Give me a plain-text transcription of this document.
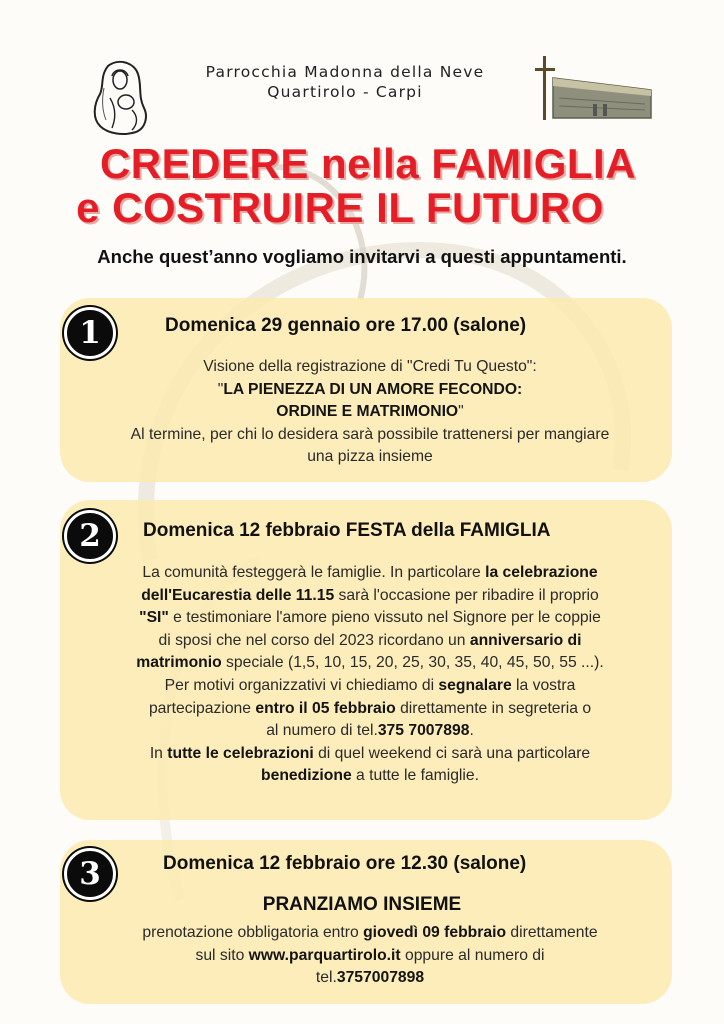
Parrocchia Madonna della Neve
Quartirolo - Carpi
CREDERE nella FAMIGLIA
e COSTRUIRE IL FUTURO
Anche quest’anno vogliamo invitarvi a questi appuntamenti.
1	Domenica 29 gennaio ore 17.00 (salone)
Visione della registrazione di "Credi Tu Questo":
"LA PIENEZZA DI UN AMORE FECONDO:
ORDINE E MATRIMONIO"
Al termine, per chi lo desidera sarà possibile trattenersi per mangiare
una pizza insieme
2	Domenica 12 febbraio FESTA della FAMIGLIA
La comunità festeggerà le famiglie. In particolare la celebrazione
dell'Eucarestia delle 11.15 sarà l'occasione per ribadire il proprio
"SI" e testimoniare l'amore pieno vissuto nel Signore per le coppie
di sposi che nel corso del 2023 ricordano un anniversario di
matrimonio speciale (1,5, 10, 15, 20, 25, 30, 35, 40, 45, 50, 55 ...).
Per motivi organizzativi vi chiediamo di segnalare la vostra
partecipazione entro il 05 febbraio direttamente in segreteria o
al numero di tel.375 7007898.
In tutte le celebrazioni di quel weekend ci sarà una particolare
benedizione a tutte le famiglie.
3	Domenica 12 febbraio ore 12.30 (salone)
PRANZIAMO INSIEME
prenotazione obbligatoria entro giovedì 09 febbraio direttamente
sul sito www.parquartirolo.it oppure al numero di
tel.3757007898
